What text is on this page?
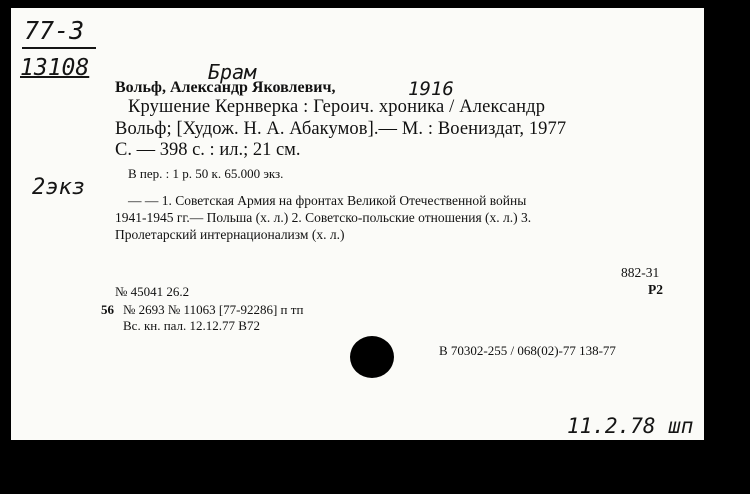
77-3
13108	Брам
1916
2экз
Вольф, Александр Яковлевич,
Крушение Кернверка : Героич. хроника / Александр
Вольф; [Худож. Н. А. Абакумов].— М. : Воениздат, 1977
С. — 398 с. : ил.; 21 см.
В пер. : 1 р. 50 к. 65.000 экз.
— — 1. Советская Армия на фронтах Великой Отечественной войны
1941-1945 гг.— Польша (х. л.) 2. Советско-польские отношения (х. л.) 3.
Пролетарский интернационализм (х. л.)
882-31
Р2
№ 45041 26.2
56 № 2693 № 11063 [77-92286] п тп
Вс. кн. пал. 12.12.77 В72
В 70302-255 / 068(02)-77 138-77
11.2.78 шп
